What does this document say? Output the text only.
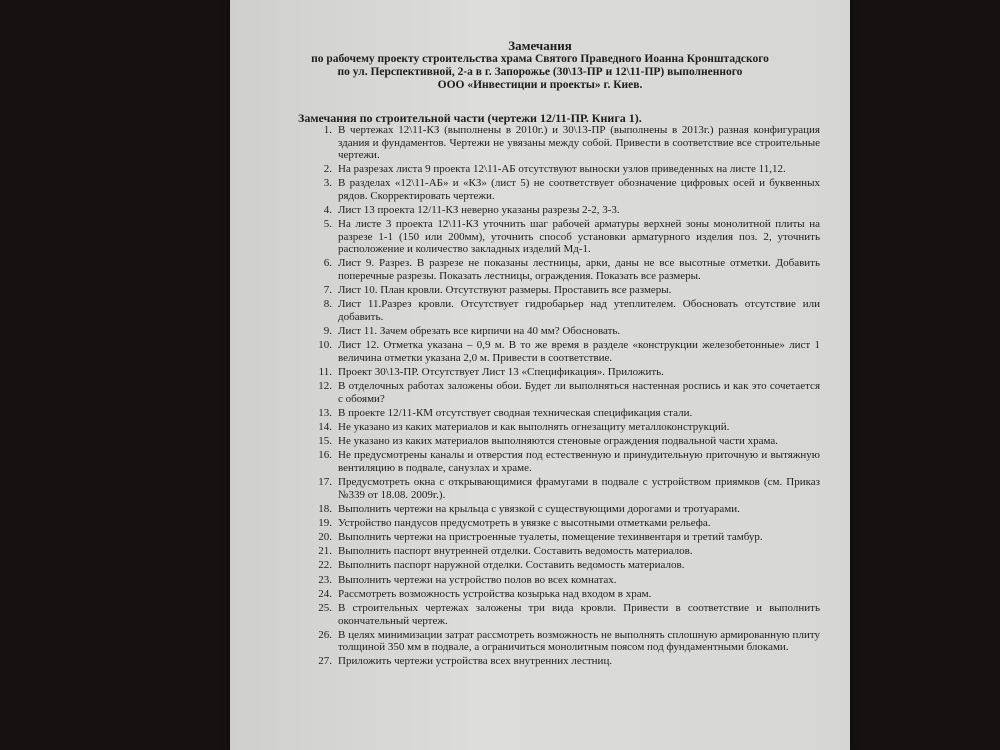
Замечания
по рабочему проекту строительства храма Святого Праведного Иоанна Кронштадского
по ул. Перспективной, 2-а в г. Запорожье (30\13-ПР и 12\11-ПР) выполненного
ООО «Инвестиции и проекты» г. Киев.
Замечания по строительной части (чертежи 12/11-ПР. Книга 1).
1. В чертежах 12\11-КЗ (выполнены в 2010г.) и 30\13-ПР (выполнены в 2013г.) разная конфигурация здания и фундаментов. Чертежи не увязаны между собой. Привести в соответствие все строительные чертежи.
2. На разрезах листа 9 проекта 12\11-АБ отсутствуют выноски узлов приведенных на листе 11,12.
3. В разделах «12\11-АБ» и «КЗ» (лист 5) не соответствует обозначение цифровых осей и буквенных рядов. Скорректировать чертежи.
4. Лист 13 проекта 12/11-КЗ неверно указаны разрезы 2-2, 3-3.
5. На листе 3 проекта 12\11-КЗ уточнить шаг рабочей арматуры верхней зоны монолитной плиты на разрезе 1-1 (150 или 200мм), уточнить способ установки арматурного изделия поз. 2, уточнить расположение и количество закладных изделий Мд-1.
6. Лист 9. Разрез. В разрезе не показаны лестницы, арки, даны не все высотные отметки. Добавить поперечные разрезы. Показать лестницы, ограждения. Показать все размеры.
7. Лист 10. План кровли. Отсутствуют размеры. Проставить все размеры.
8. Лист 11.Разрез кровли. Отсутствует гидробарьер над утеплителем. Обосновать отсутствие или добавить.
9. Лист 11. Зачем обрезать все кирпичи на 40 мм? Обосновать.
10. Лист 12. Отметка указана – 0,9 м. В то же время в разделе «конструкции железобетонные» лист 1 величина отметки указана 2,0 м. Привести в соответствие.
11. Проект 30\13-ПР. Отсутствует Лист 13 «Спецификация». Приложить.
12. В отделочных работах заложены обои. Будет ли выполняться настенная роспись и как это сочетается с обоями?
13. В проекте 12/11-КМ отсутствует сводная техническая спецификация стали.
14. Не указано из каких материалов и как выполнять огнезащиту металлоконструкций.
15. Не указано из каких материалов выполняются стеновые ограждения подвальной части храма.
16. Не предусмотрены каналы и отверстия под естественную и принудительную приточную и вытяжную вентиляцию в подвале, санузлах и храме.
17. Предусмотреть окна с открывающимися фрамугами в подвале с устройством приямков (см. Приказ №339 от 18.08. 2009г.).
18. Выполнить чертежи на крыльца с увязкой с существующими дорогами и тротуарами.
19. Устройство пандусов предусмотреть в увязке с высотными отметками рельефа.
20. Выполнить чертежи на пристроенные туалеты, помещение техинвентаря и третий тамбур.
21. Выполнить паспорт внутренней отделки. Составить ведомость материалов.
22. Выполнить паспорт наружной отделки. Составить ведомость материалов.
23. Выполнить чертежи на устройство полов во всех комнатах.
24. Рассмотреть возможность устройства козырька над входом в храм.
25. В строительных чертежах заложены три вида кровли. Привести в соответствие и выполнить окончательный чертеж.
26. В целях минимизации затрат рассмотреть возможность не выполнять сплошную армированную плиту толщиной 350 мм в подвале, а ограничиться монолитным поясом под фундаментными блоками.
27. Приложить чертежи устройства всех внутренних лестниц.
